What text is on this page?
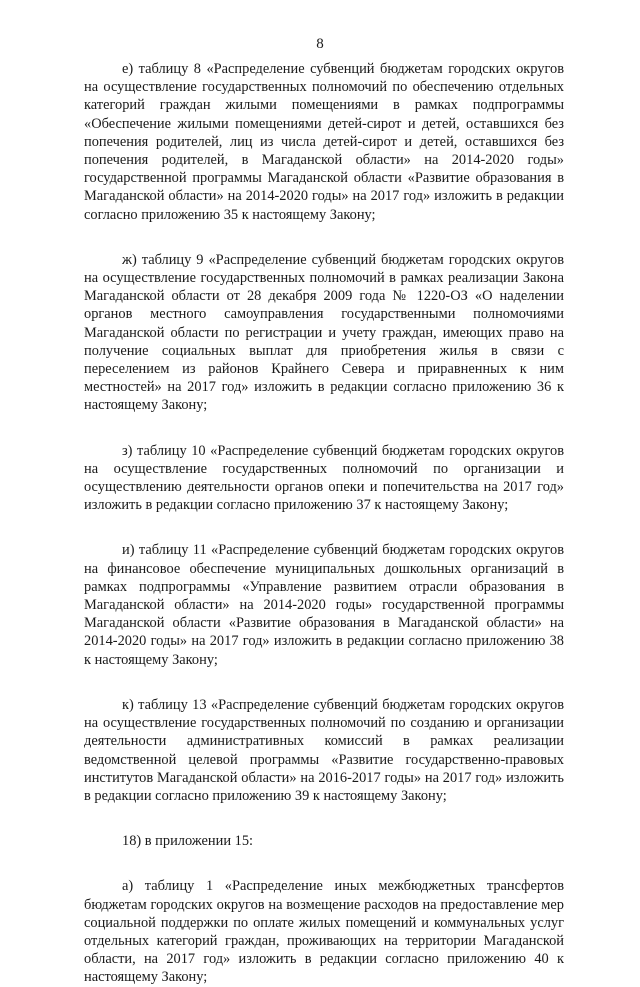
8

е) таблицу 8 «Распределение субвенций бюджетам городских округов на осуществление государственных полномочий по обеспечению отдельных категорий граждан жилыми помещениями в рамках подпрограммы «Обеспечение жилыми помещениями детей-сирот и детей, оставшихся без попечения родителей, лиц из числа детей-сирот и детей, оставшихся без попечения родителей, в Магаданской области» на 2014-2020 годы» государственной программы Магаданской области «Развитие образования в Магаданской области» на 2014-2020 годы» на 2017 год» изложить в редакции согласно приложению 35 к настоящему Закону;

ж) таблицу 9 «Распределение субвенций бюджетам городских округов на осуществление государственных полномочий в рамках реализации Закона Магаданской области от 28 декабря 2009 года № 1220-ОЗ «О наделении органов местного самоуправления государственными полномочиями Магаданской области по регистрации и учету граждан, имеющих право на получение социальных выплат для приобретения жилья в связи с переселением из районов Крайнего Севера и приравненных к ним местностей» на 2017 год» изложить в редакции согласно приложению 36 к настоящему Закону;

з) таблицу 10 «Распределение субвенций бюджетам городских округов на осуществление государственных полномочий по организации и осуществлению деятельности органов опеки и попечительства на 2017 год» изложить в редакции согласно приложению 37 к настоящему Закону;

и) таблицу 11 «Распределение субвенций бюджетам городских округов на финансовое обеспечение муниципальных дошкольных организаций в рамках подпрограммы «Управление развитием отрасли образования в Магаданской области» на 2014-2020 годы» государственной программы Магаданской области «Развитие образования в Магаданской области» на 2014-2020 годы» на 2017 год» изложить в редакции согласно приложению 38 к настоящему Закону;

к) таблицу 13 «Распределение субвенций бюджетам городских округов на осуществление государственных полномочий по созданию и организации деятельности административных комиссий в рамках реализации ведомственной целевой программы «Развитие государственно-правовых институтов Магаданской области» на 2016-2017 годы» на 2017 год» изложить в редакции согласно приложению 39 к настоящему Закону;

18) в приложении 15:

а) таблицу 1 «Распределение иных межбюджетных трансфертов бюджетам городских округов на возмещение расходов на предоставление мер социальной поддержки по оплате жилых помещений и коммунальных услуг отдельных категорий граждан, проживающих на территории Магаданской области, на 2017 год» изложить в редакции согласно приложению 40 к настоящему Закону;
